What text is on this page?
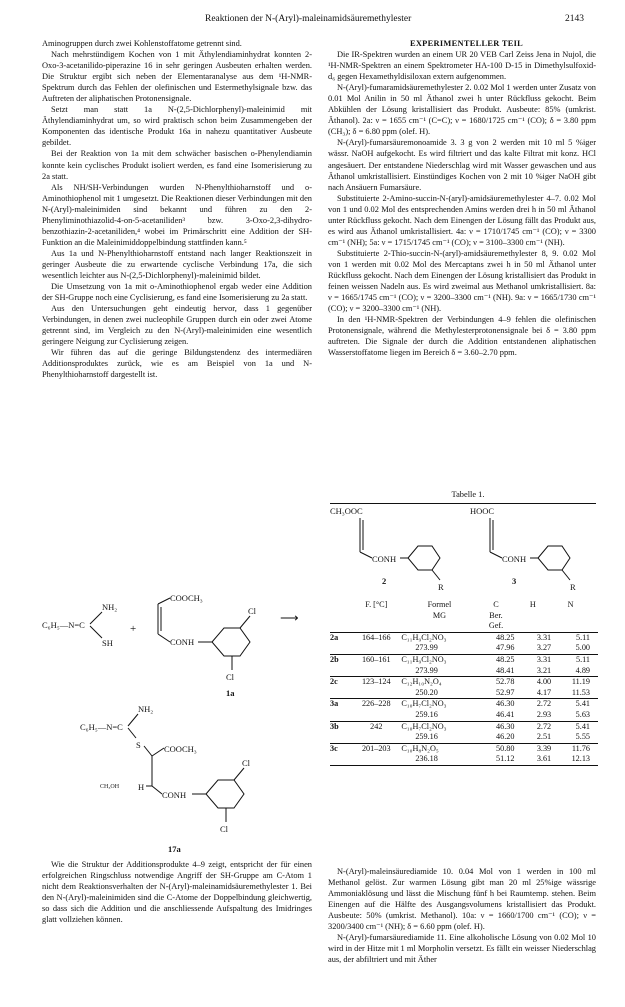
Reaktionen der N-(Aryl)-maleinamidsäuremethylester	2143

Aminogruppen durch zwei Kohlenstoffatome getrennt sind.

Nach mehrstündigem Kochen von 1 mit Äthylendiaminhydrat konnten 2-Oxo-3-acetanilido-piperazine 16 in sehr geringen Ausbeuten erhalten werden. Die Struktur ergibt sich neben der Elementaranalyse aus dem ¹H-NMR-Spektrum durch das Fehlen der olefinischen und Estermethylsignale bzw. das Auftreten der aliphatischen Protonensignale.

Setzt man statt 1a N-(2,5-Dichlorphenyl)-maleinimid mit Äthylendiaminhydrat um, so wird praktisch schon beim Zusammengeben der Komponenten das identische Produkt 16a in nahezu quantitativer Ausbeute gebildet.

Bei der Reaktion von 1a mit dem schwächer basischen o-Phenylendiamin konnte kein cyclisches Produkt isoliert werden, es fand eine Isomerisierung zu 2a statt.

Als NH/SH-Verbindungen wurden N-Phenylthioharnstoff und o-Aminothiophenol mit 1 umgesetzt. Die Reaktionen dieser Verbindungen mit den N-(Aryl)-maleinimiden sind bekannt und führen zu den 2-Phenyliminothiazolid-4-on-5-acetaniliden³ bzw. 3-Oxo-2,3-dihydro-benzothiazin-2-acetaniliden,⁴ wobei im Primärschritt eine Addition der SH-Funktion an die Maleinimiddoppelbindung stattfinden kann.⁵

Aus 1a und N-Phenylthioharnstoff entstand nach langer Reaktionszeit in geringer Ausbeute die zu erwartende cyclische Verbindung 17a, die sich wesentlich leichter aus N-(2,5-Dichlorphenyl)-maleinimid bildet.

Die Umsetzung von 1a mit o-Aminothiophenol ergab weder eine Addition der SH-Gruppe noch eine Cyclisierung, es fand eine Isomerisierung zu 2a statt.

Aus den Untersuchungen geht eindeutig hervor, dass 1 gegenüber Verbindungen, in denen zwei nucleophile Gruppen durch ein oder zwei Atome getrennt sind, im Vergleich zu den N-(Aryl)-maleinimiden eine wesentlich geringere Neigung zur Cyclisierung zeigen.

Wir führen das auf die geringe Bildungstendenz des intermediären Additionsproduktes zurück, wie es am Beispiel von 1a und N-Phenylthioharnstoff dargestellt ist.

C₆H₅—N=C
NH₂
SH
+
COOCH₃
CONH
Cl
Cl
1a
⟶
C₆H₅—N=C
NH₂
S	COOCH₃
CH₃OH H
CONH
Cl
Cl
17a

Wie die Struktur der Additionsprodukte 4–9 zeigt, entspricht der für einen erfolgreichen Ringschluss notwendige Angriff der SH-Gruppe am C-Atom 1 nicht dem Reaktionsverhalten der N-(Aryl)-maleinamidsäuremethylester 1. Bei den N-(Aryl)-maleinimiden sind die C-Atome der Doppelbindung gleichwertig, so dass sich die Addition und die anschliessende Aufspaltung des Imidringes glatt vollziehen können.

EXPERIMENTELLER TEIL

Die IR-Spektren wurden an einem UR 20 VEB Carl Zeiss Jena in Nujol, die ¹H-NMR-Spektren an einem Spektrometer HA-100 D-15 in Dimethylsulfoxid-d₆ gegen Hexamethyldisiloxan extern aufgenommen.

N-(Aryl)-fumaramidsäuremethylester 2. 0.02 Mol 1 werden unter Zusatz von 0.01 Mol Anilin in 50 ml Äthanol zwei h unter Rückfluss gekocht. Beim Abkühlen der Lösung kristallisiert das Produkt. Ausbeute: 85% (umkrist. Äthanol). 2a: ν = 1655 cm⁻¹ (C=C); ν = 1680/1725 cm⁻¹ (CO); δ = 3.80 ppm (CH₃); δ = 6.80 ppm (olef. H).

N-(Aryl)-fumarsäuremonoamide 3. 3 g von 2 werden mit 10 ml 5 %iger wässr. NaOH aufgekocht. Es wird filtriert und das kalte Filtrat mit konz. HCl angesäuert. Der entstandene Niederschlag wird mit Wasser gewaschen und aus Äthanol umkristallisiert. Einstündiges Kochen von 2 mit 10 %iger NaOH gibt nach Ansäuern Fumarsäure.

Substituierte 2-Amino-succin-N-(aryl)-amidsäuremethylester 4–7. 0.02 Mol von 1 und 0.02 Mol des entsprechenden Amins werden drei h in 50 ml Äthanol unter Rückfluss gekocht. Nach dem Einengen der Lösung fällt das Produkt aus, es wird aus Äthanol umkristallisiert. 4a: ν = 1710/1745 cm⁻¹ (CO); ν = 3300 cm⁻¹ (NH); 5a: ν = 1715/1745 cm⁻¹ (CO); ν = 3100–3300 cm⁻¹ (NH).

Substituierte 2-Thio-succin-N-(aryl)-amidsäuremethylester 8, 9. 0.02 Mol von 1 werden mit 0.02 Mol des Mercaptans zwei h in 50 ml Äthanol unter Rückfluss gekocht. Nach dem Einengen der Lösung kristallisiert das Produkt in feinen weissen Nadeln aus. Es wird zweimal aus Methanol umkristallisiert. 8a: ν = 1665/1745 cm⁻¹ (CO); ν = 3200–3300 cm⁻¹ (NH). 9a: ν = 1665/1730 cm⁻¹ (CO); ν = 3200–3300 cm⁻¹ (NH).

In den ¹H-NMR-Spektren der Verbindungen 4–9 fehlen die olefinischen Protonensignale, während die Methylesterprotonensignale bei δ = 3.80 ppm auftreten. Die Signale der durch die Addition entstandenen aliphatischen Wasserstoffatome liegen im Bereich δ = 3.60–2.70 ppm.

Tabelle 1.
CH₃OOC
CONH
R
2
HOOC
CONH
R
3
	F. [°C]	Formel	C	H	N
		MG	Ber.		
			Gef.		
2a	164–166	C₁₁H₉Cl₂NO₃	48.25	3.31	5.11
		273.99	47.96	3.27	5.00
2b	160–161	C₁₁H₉Cl₂NO₃	48.25	3.31	5.11
		273.99	48.41	3.21	4.89
2c	123–124	C₁₂H₁₀N₂O₄	52.78	4.00	11.19
		250.20	52.97	4.17	11.53
3a	226–228	C₁₀H₇Cl₂NO₃	46.30	2.72	5.41
		259.16	46.41	2.93	5.63
3b	242	C₁₀H₇Cl₂NO₃	46.30	2.72	5.41
		259.16	46.20	2.51	5.55
3c	201–203	C₁₀H₈N₂O₅	50.80	3.39	11.76
		236.18	51.12	3.61	12.13

N-(Aryl)-maleinsäurediamide 10. 0.04 Mol von 1 werden in 100 ml Methanol gelöst. Zur warmen Lösung gibt man 20 ml 25%ige wässrige Ammoniaklösung und lässt die Mischung fünf h bei Raumtemp. stehen. Beim Einengen auf die Hälfte des Ausgangsvolumens kristallisiert das Produkt. Ausbeute: 50% (umkrist. Methanol). 10a: ν = 1660/1700 cm⁻¹ (CO); ν = 3200/3400 cm⁻¹ (NH); δ = 6.60 ppm (olef. H).

N-(Aryl)-fumarsäurediamide 11. Eine alkoholische Lösung von 0.02 Mol 10 wird in der Hitze mit 1 ml Morpholin versetzt. Es fällt ein weisser Niederschlag aus, der abfiltriert und mit Äther
